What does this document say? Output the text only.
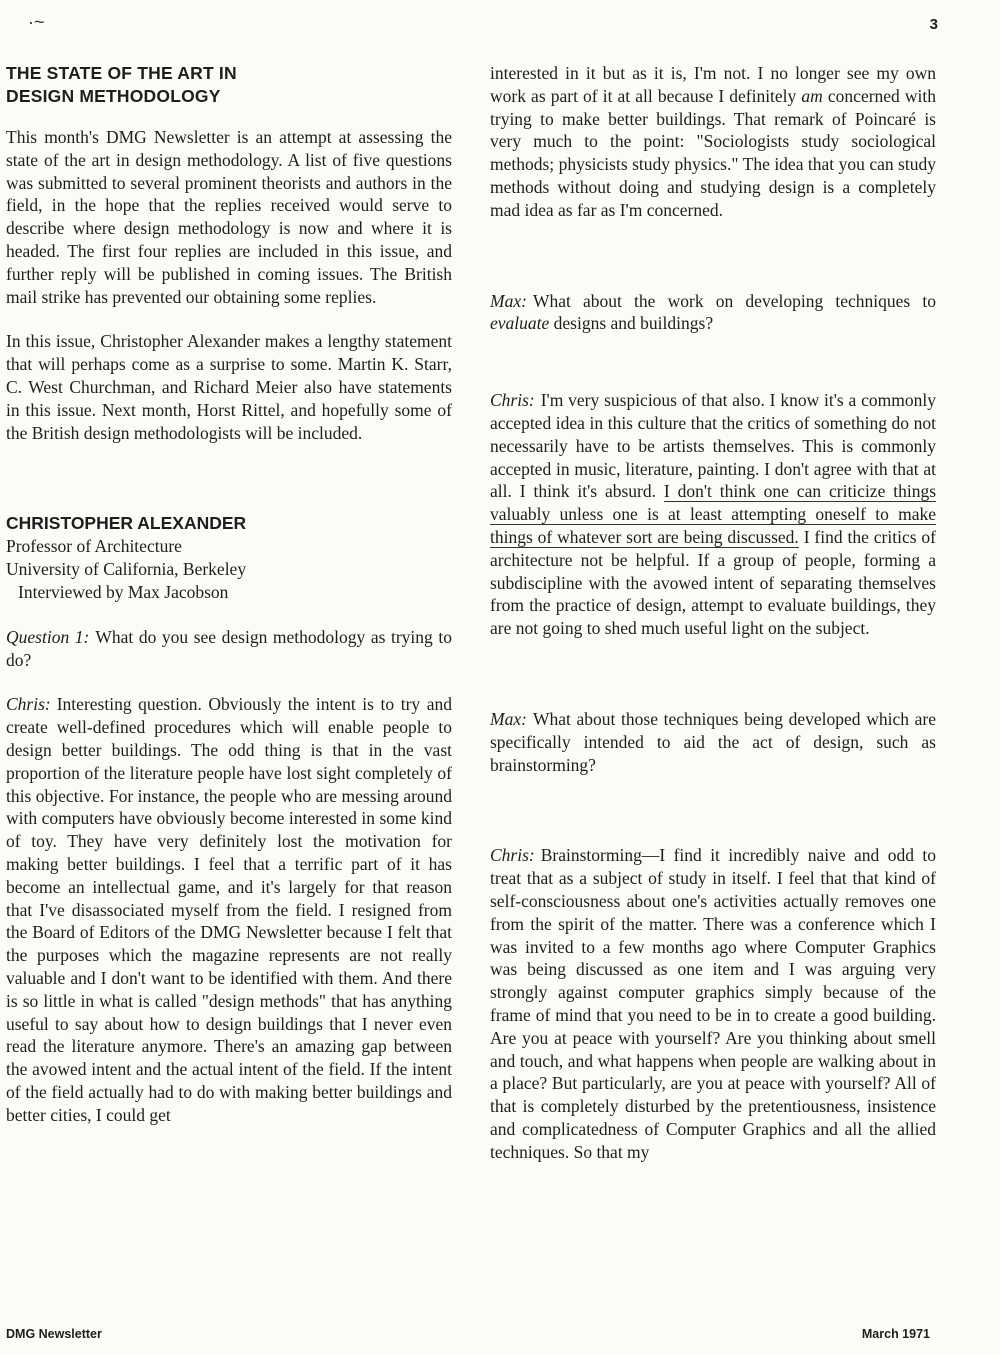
·~	3

THE STATE OF THE ART IN

DESIGN METHODOLOGY

This month's DMG Newsletter is an attempt at assessing the state of the art in design methodology. A list of five questions was submitted to several prominent theorists and authors in the field, in the hope that the replies received would serve to describe where design methodology is now and where it is headed. The first four replies are included in this issue, and further reply will be published in coming issues. The British mail strike has prevented our obtaining some replies.

In this issue, Christopher Alexander makes a lengthy statement that will perhaps come as a surprise to some. Martin K. Starr, C. West Churchman, and Richard Meier also have statements in this issue. Next month, Horst Rittel, and hopefully some of the British design methodologists will be included.

CHRISTOPHER ALEXANDER
Professor of Architecture
University of California, Berkeley
Interviewed by Max Jacobson

Question 1: What do you see design methodology as trying to do?

Chris: Interesting question. Obviously the intent is to try and create well-defined procedures which will enable people to design better buildings. The odd thing is that in the vast proportion of the literature people have lost sight completely of this objective. For instance, the people who are messing around with computers have obviously become interested in some kind of toy. They have very definitely lost the motivation for making better buildings. I feel that a terrific part of it has become an intellectual game, and it's largely for that reason that I've disassociated myself from the field. I resigned from the Board of Editors of the DMG Newsletter because I felt that the purposes which the magazine represents are not really valuable and I don't want to be identified with them. And there is so little in what is called "design methods" that has anything useful to say about how to design buildings that I never even read the literature anymore. There's an amazing gap between the avowed intent and the actual intent of the field. If the intent of the field actually had to do with making better buildings and better cities, I could get

interested in it but as it is, I'm not. I no longer see my own work as part of it at all because I definitely am concerned with trying to make better buildings. That remark of Poincaré is very much to the point: "Sociologists study sociological methods; physicists study physics." The idea that you can study methods without doing and studying design is a completely mad idea as far as I'm concerned.

Max: What about the work on developing techniques to evaluate designs and buildings?

Chris: I'm very suspicious of that also. I know it's a commonly accepted idea in this culture that the critics of something do not necessarily have to be artists themselves. This is commonly accepted in music, literature, painting. I don't agree with that at all. I think it's absurd. I don't think one can criticize things valuably unless one is at least attempting oneself to make things of whatever sort are being discussed. I find the critics of architecture not be helpful. If a group of people, forming a subdiscipline with the avowed intent of separating themselves from the practice of design, attempt to evaluate buildings, they are not going to shed much useful light on the subject.

Max: What about those techniques being developed which are specifically intended to aid the act of design, such as brainstorming?

Chris: Brainstorming—I find it incredibly naive and odd to treat that as a subject of study in itself. I feel that that kind of self-consciousness about one's activities actually removes one from the spirit of the matter. There was a conference which I was invited to a few months ago where Computer Graphics was being discussed as one item and I was arguing very strongly against computer graphics simply because of the frame of mind that you need to be in to create a good building. Are you at peace with yourself? Are you thinking about smell and touch, and what happens when people are walking about in a place? But particularly, are you at peace with yourself? All of that is completely disturbed by the pretentiousness, insistence and complicatedness of Computer Graphics and all the allied techniques. So that my

DMG Newsletter	March 1971
